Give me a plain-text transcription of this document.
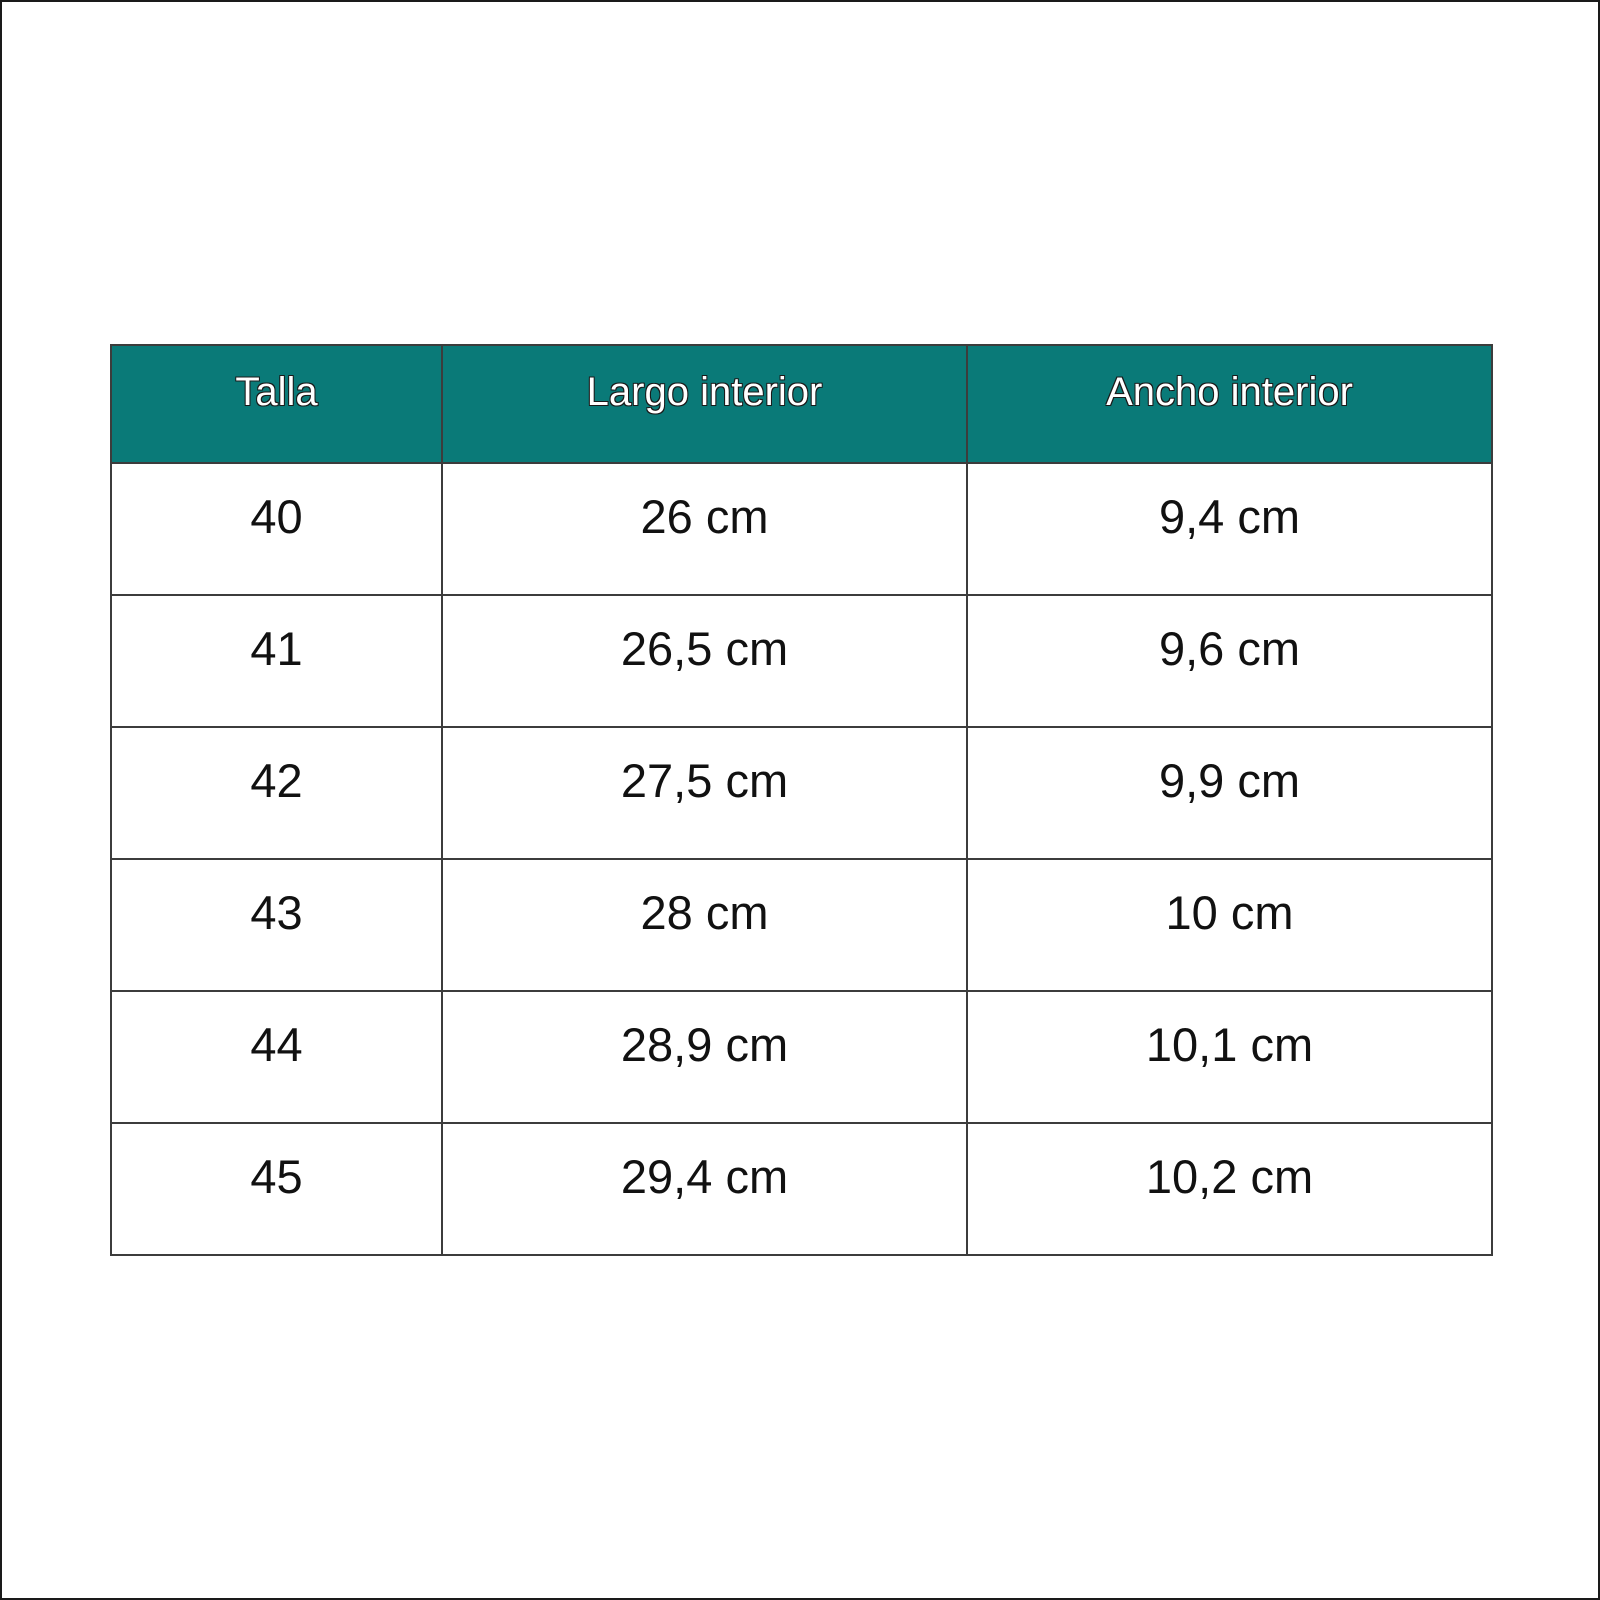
Talla	Largo interior	Ancho interior
40	26 cm	9,4 cm
41	26,5 cm	9,6 cm
42	27,5 cm	9,9 cm
43	28 cm	10 cm
44	28,9 cm	10,1 cm
45	29,4 cm	10,2 cm
